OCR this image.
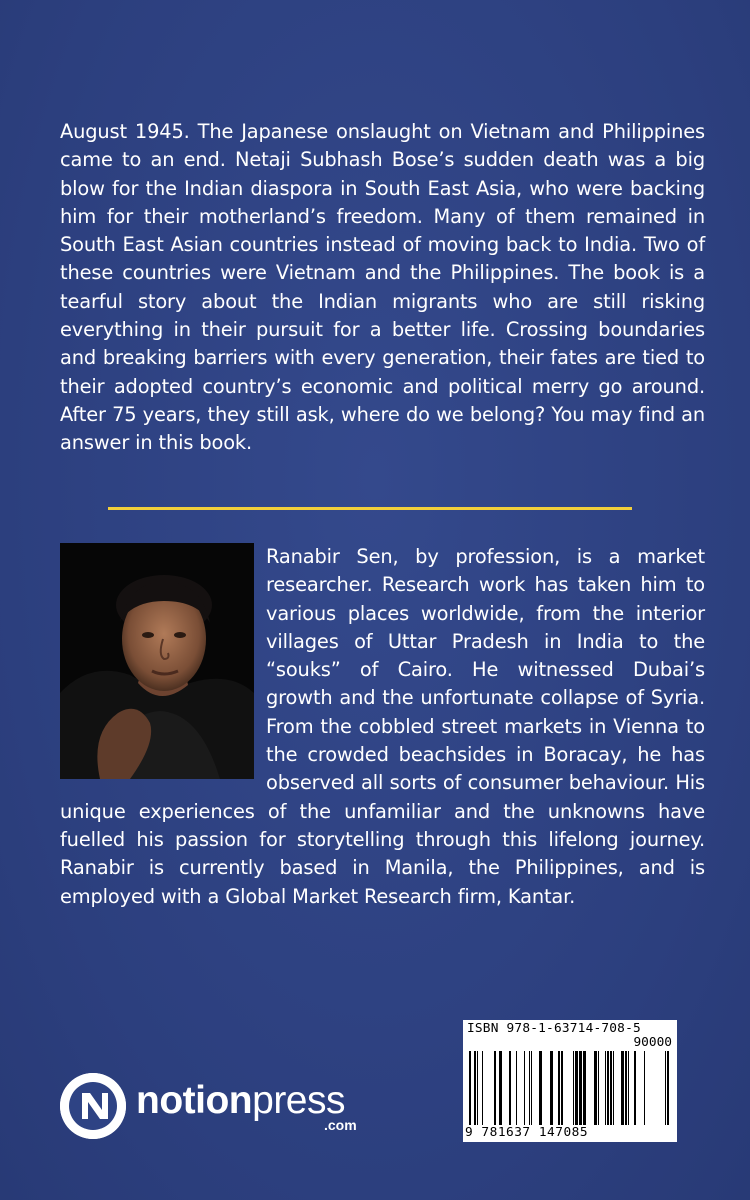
August 1945. The Japanese onslaught on Vietnam and Philippines came to an end. Netaji Subhash Bose’s sudden death was a big blow for the Indian diaspora in South East Asia, who were backing him for their motherland’s freedom. Many of them remained in South East Asian countries instead of moving back to India. Two of these countries were Vietnam and the Philippines. The book is a tearful story about the Indian migrants who are still risking everything in their pursuit for a better life. Crossing boundaries and breaking barriers with every generation, their fates are tied to their adopted country’s economic and political merry go around. After 75 years, they still ask, where do we belong? You may find an answer in this book.
Ranabir Sen, by profession, is a market researcher. Research work has taken him to various places worldwide, from the interior villages of Uttar Pradesh in India to the “souks” of Cairo. He witnessed Dubai’s growth and the unfortunate collapse of Syria. From the cobbled street markets in Vienna to the crowded beachsides in Boracay, he has observed all sorts of consumer behaviour. His unique experiences of the unfamiliar and the unknowns have fuelled his passion for storytelling through this lifelong journey. Ranabir is currently based in Manila, the Philippines, and is employed with a Global Market Research firm, Kantar.
ISBN 978-1-63714-708-5
90000
9 781637 147085
notionpress
.com
